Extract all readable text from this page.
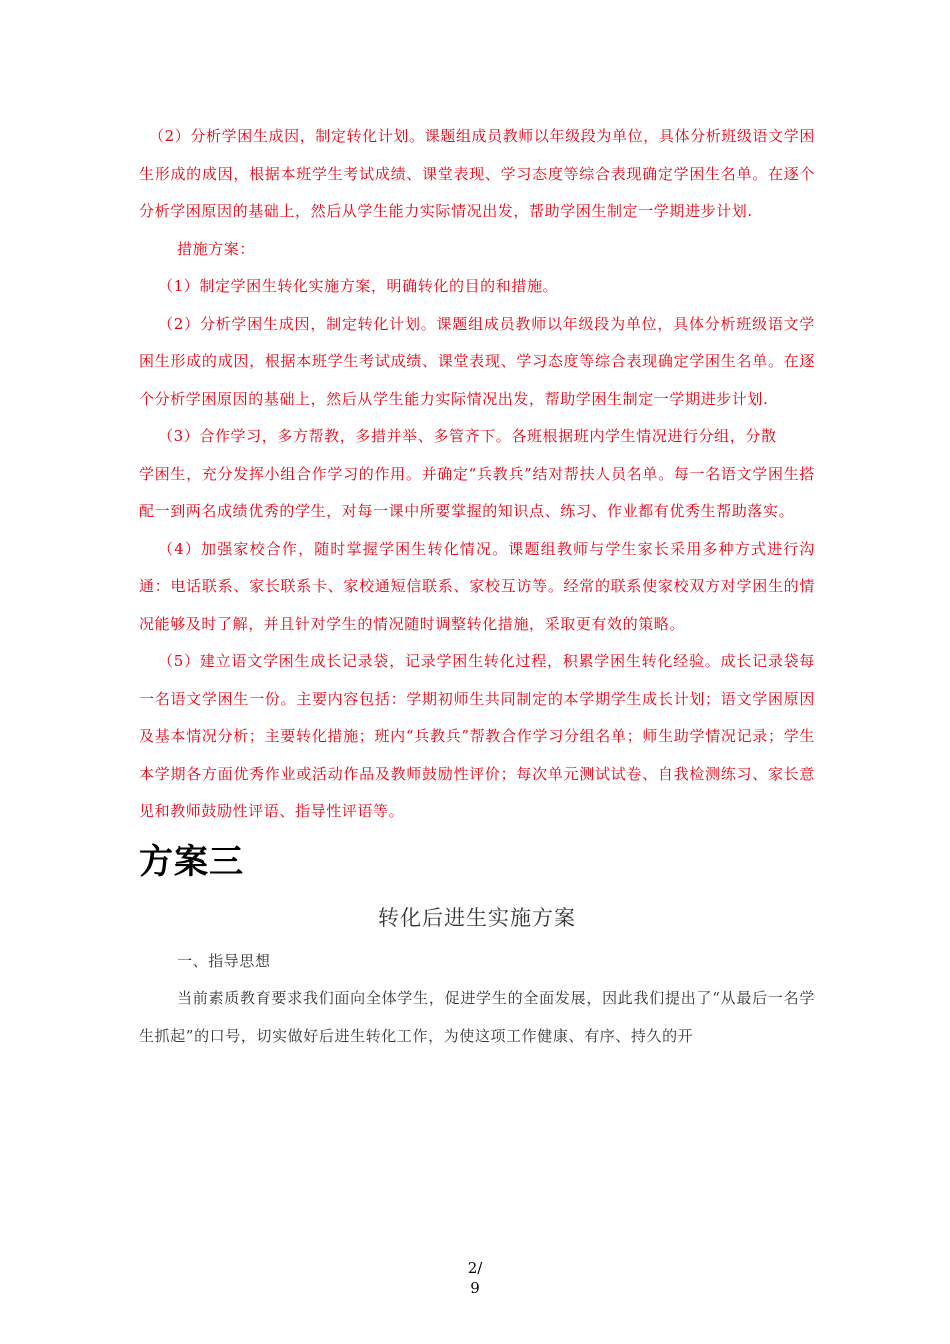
（2）分析学困生成因，制定转化计划。课题组成员教师以年级段为单位，具体分析班级语文学困生形成的成因，根据本班学生考试成绩、课堂表现、学习态度等综合表现确定学困生名单。在逐个分析学困原因的基础上，然后从学生能力实际情况出发，帮助学困生制定一学期进步计划.

措施方案：

（1）制定学困生转化实施方案，明确转化的目的和措施。

（2）分析学困生成因，制定转化计划。课题组成员教师以年级段为单位，具体分析班级语文学困生形成的成因，根据本班学生考试成绩、课堂表现、学习态度等综合表现确定学困生名单。在逐个分析学困原因的基础上，然后从学生能力实际情况出发，帮助学困生制定一学期进步计划.

（3）合作学习，多方帮教，多措并举、多管齐下。各班根据班内学生情况进行分组，分散

学困生，充分发挥小组合作学习的作用。并确定“兵教兵”结对帮扶人员名单。每一名语文学困生搭配一到两名成绩优秀的学生，对每一课中所要掌握的知识点、练习、作业都有优秀生帮助落实。

（4）加强家校合作，随时掌握学困生转化情况。课题组教师与学生家长采用多种方式进行沟通：电话联系、家长联系卡、家校通短信联系、家校互访等。经常的联系使家校双方对学困生的情况能够及时了解，并且针对学生的情况随时调整转化措施，采取更有效的策略。

（5）建立语文学困生成长记录袋，记录学困生转化过程，积累学困生转化经验。成长记录袋每一名语文学困生一份。主要内容包括：学期初师生共同制定的本学期学生成长计划；语文学困原因及基本情况分析；主要转化措施；班内“兵教兵”帮教合作学习分组名单；师生助学情况记录；学生本学期各方面优秀作业或活动作品及教师鼓励性评价；每次单元测试试卷、自我检测练习、家长意见和教师鼓励性评语、指导性评语等。

方案三
转化后进生实施方案

一、指导思想

当前素质教育要求我们面向全体学生，促进学生的全面发展，因此我们提出了“从最后一名学生抓起”的口号，切实做好后进生转化工作，为使这项工作健康、有序、持久的开

2/
9
